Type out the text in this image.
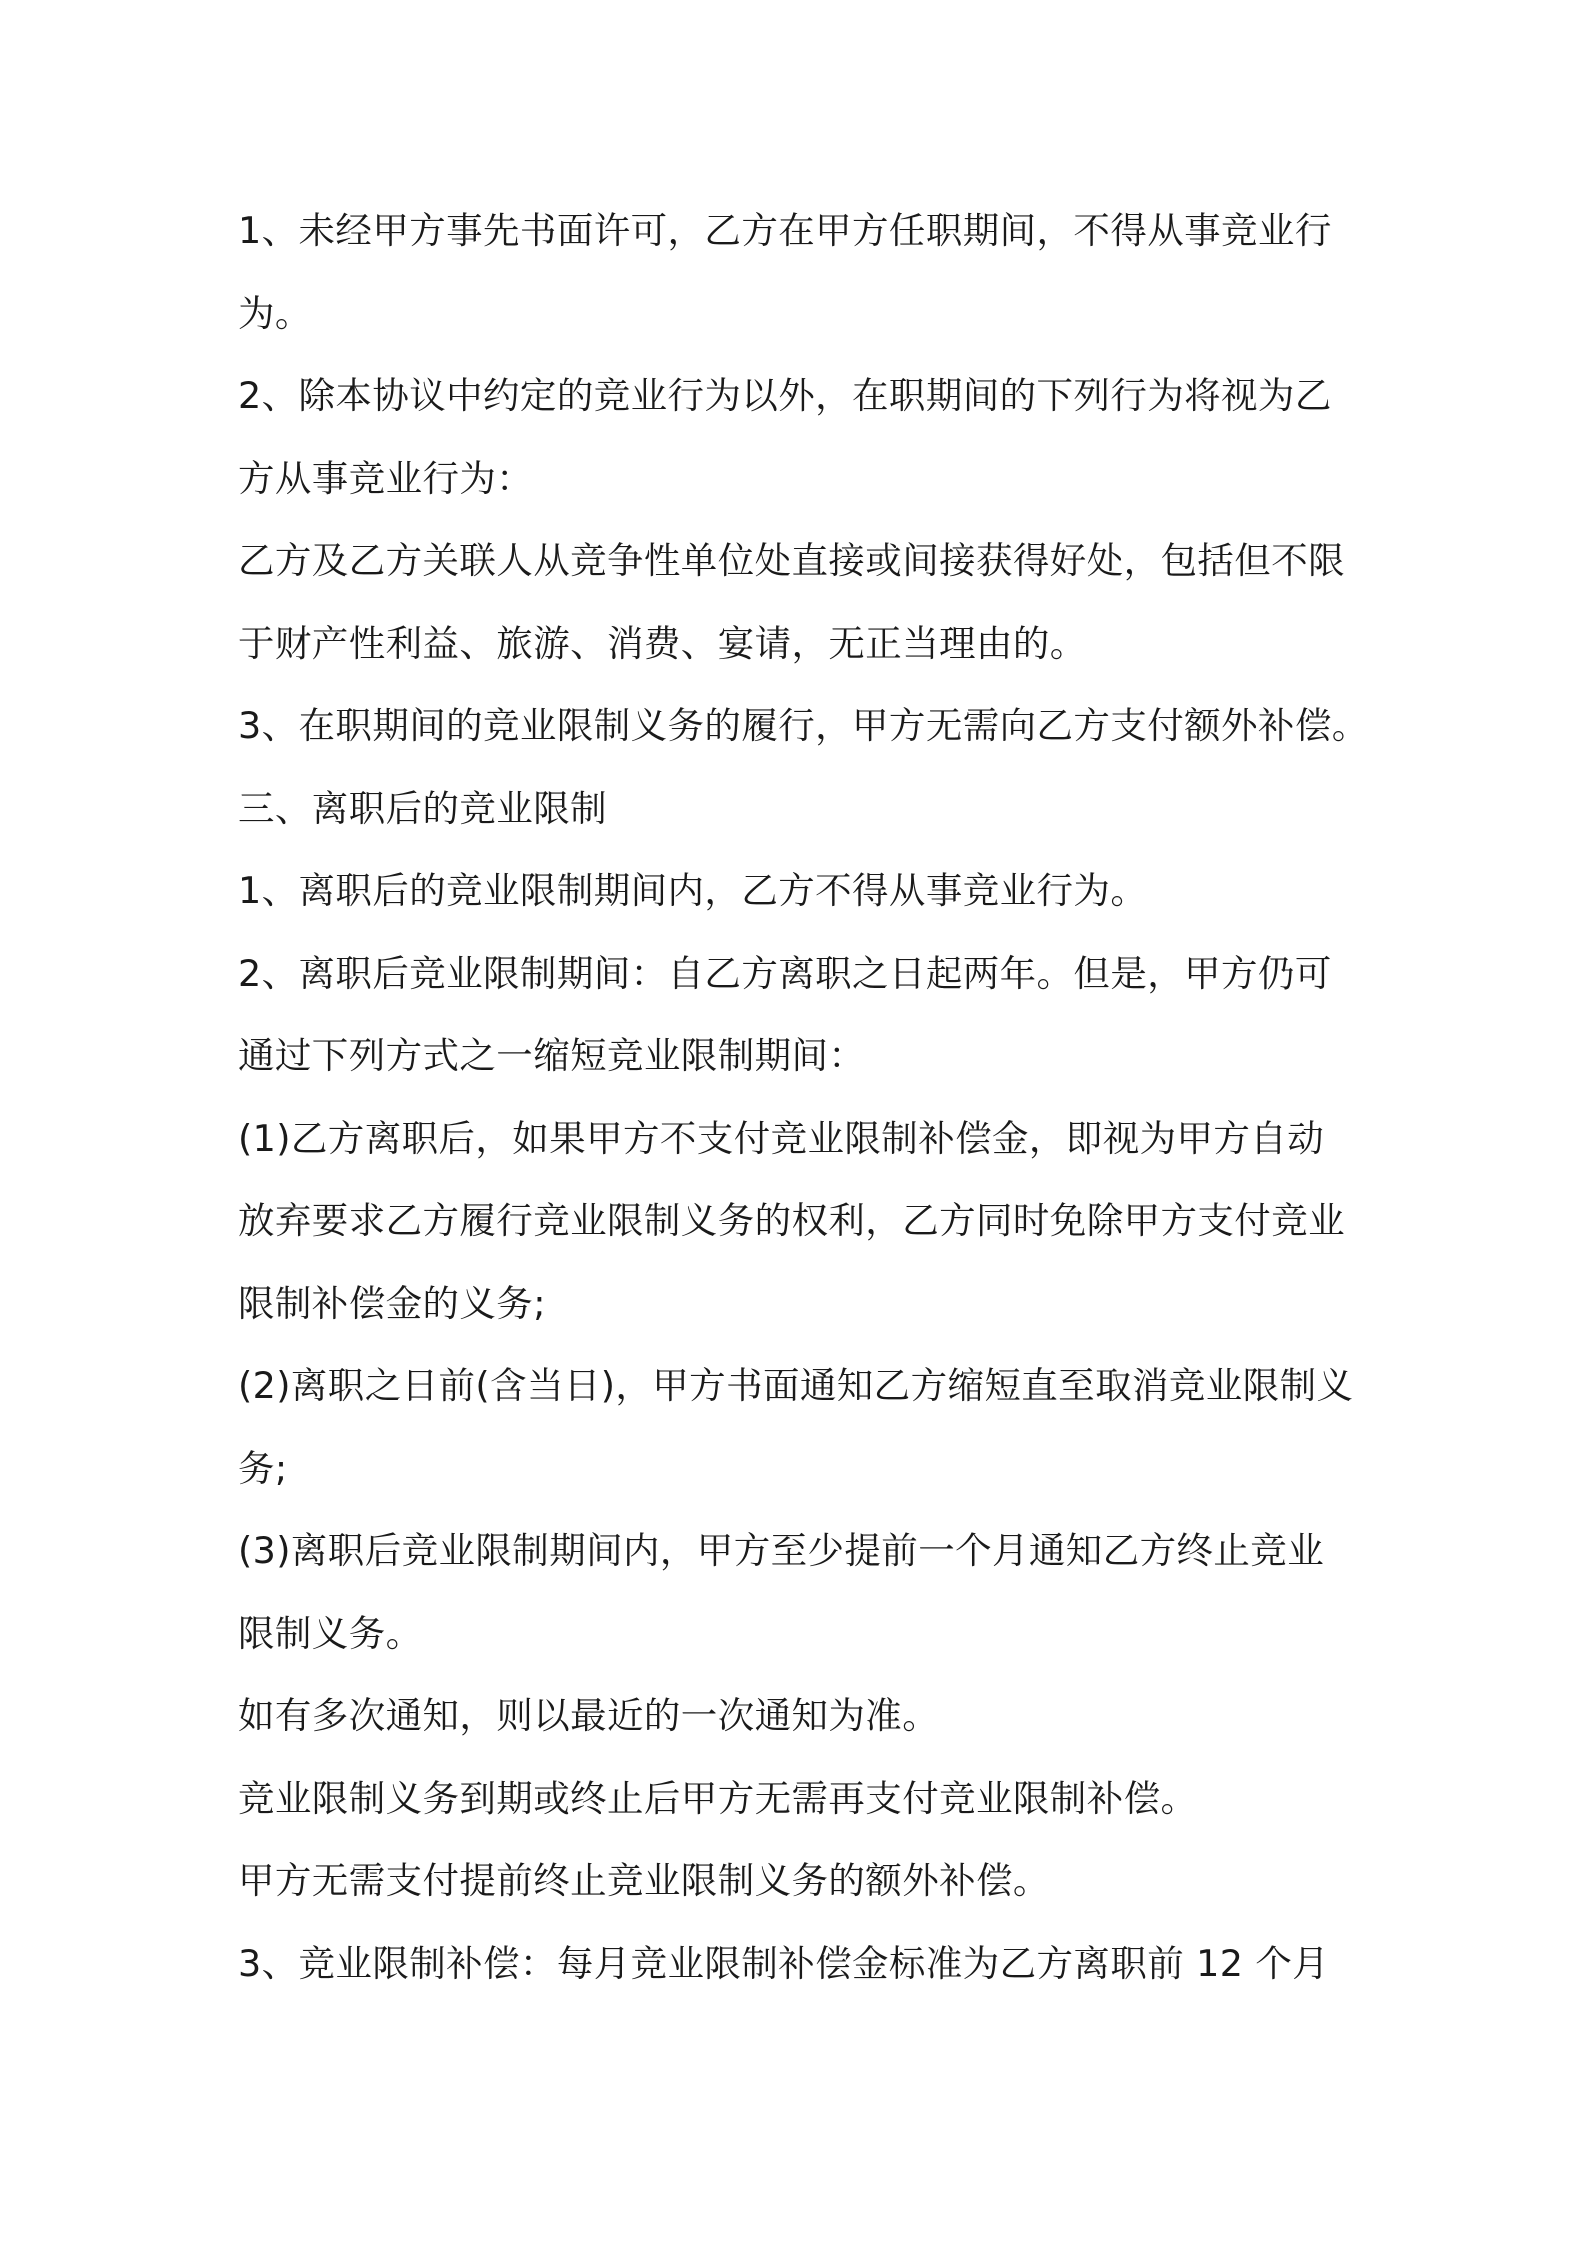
1、未经甲方事先书面许可，乙方在甲方任职期间，不得从事竞业行
为。
2、除本协议中约定的竞业行为以外，在职期间的下列行为将视为乙
方从事竞业行为：
乙方及乙方关联人从竞争性单位处直接或间接获得好处，包括但不限
于财产性利益、旅游、消费、宴请，无正当理由的。
3、在职期间的竞业限制义务的履行，甲方无需向乙方支付额外补偿。
三、离职后的竞业限制
1、离职后的竞业限制期间内，乙方不得从事竞业行为。
2、离职后竞业限制期间：自乙方离职之日起两年。但是，甲方仍可
通过下列方式之一缩短竞业限制期间：
(1)乙方离职后，如果甲方不支付竞业限制补偿金，即视为甲方自动
放弃要求乙方履行竞业限制义务的权利，乙方同时免除甲方支付竞业
限制补偿金的义务;
(2)离职之日前(含当日)，甲方书面通知乙方缩短直至取消竞业限制义
务;
(3)离职后竞业限制期间内，甲方至少提前一个月通知乙方终止竞业
限制义务。
如有多次通知，则以最近的一次通知为准。
竞业限制义务到期或终止后甲方无需再支付竞业限制补偿。
甲方无需支付提前终止竞业限制义务的额外补偿。
3、竞业限制补偿：每月竞业限制补偿金标准为乙方离职前 12 个月
